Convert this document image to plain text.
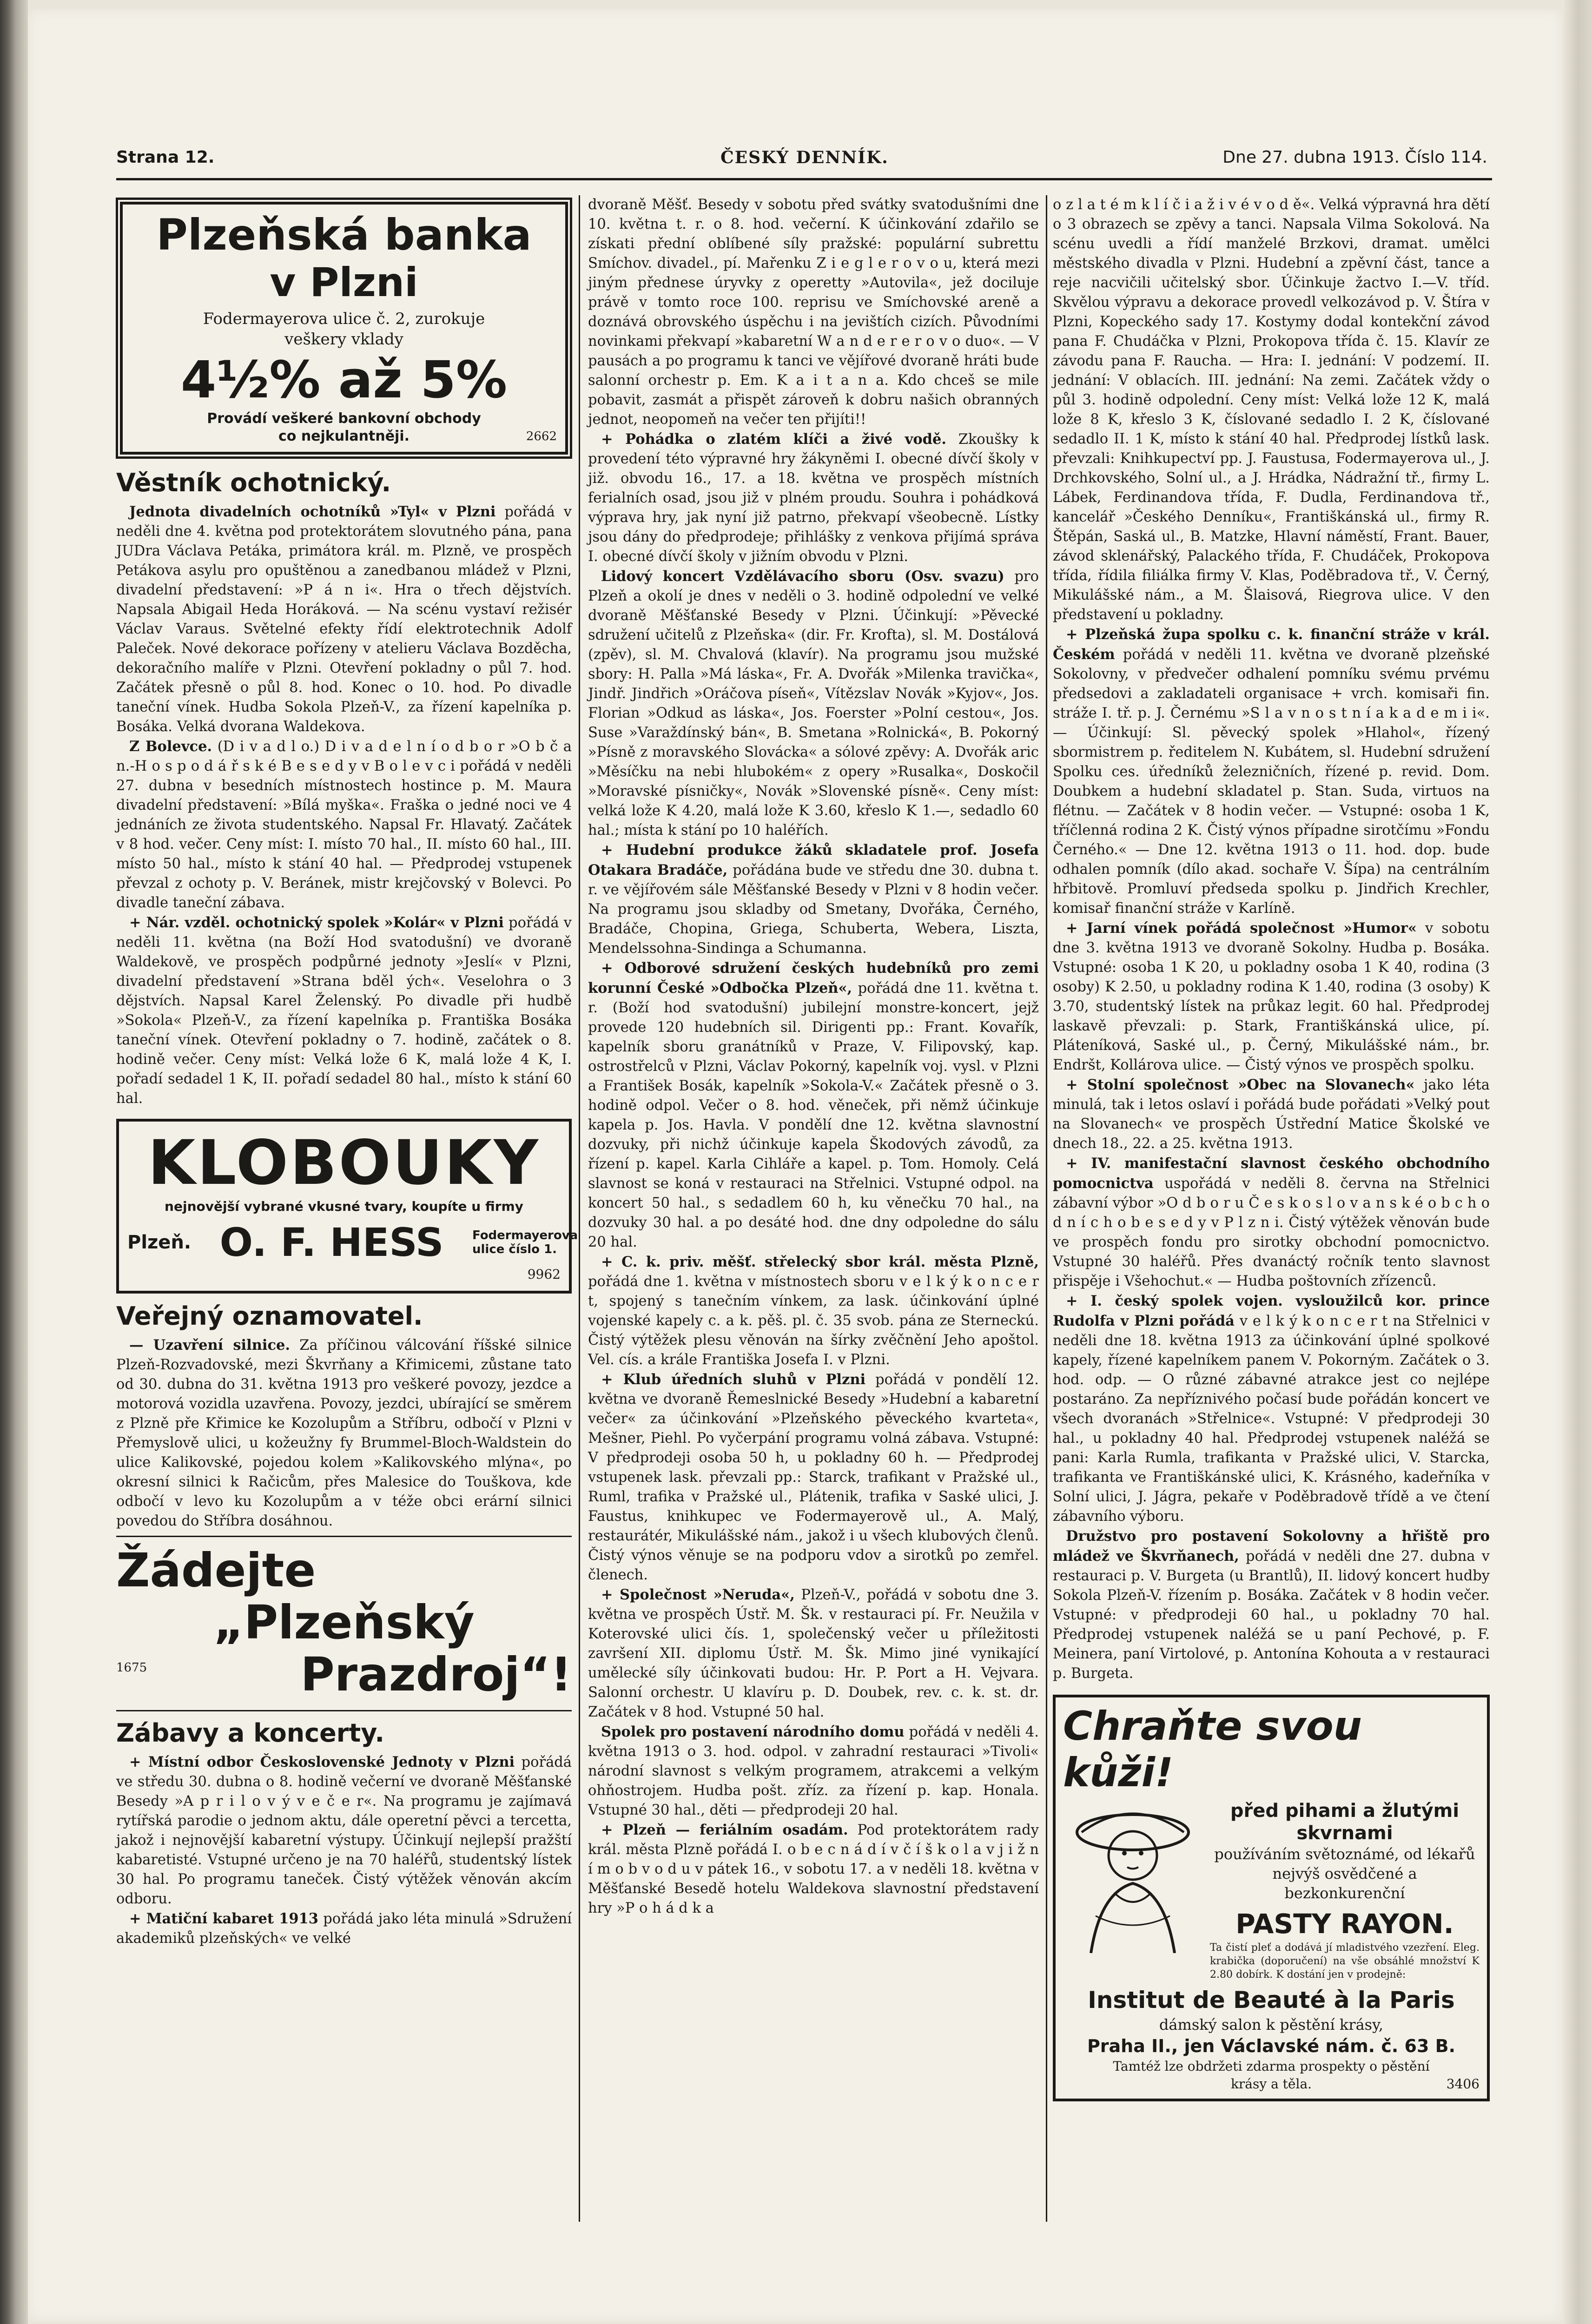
Strana 12.	ČESKÝ DENNÍK.	Dne 27. dubna 1913. Číslo 114.
Plzeňská banka
v Plzni
Fodermayerova ulice č. 2, zurokuje
veškery vklady
4½% až 5%
Provádí veškeré bankovní obchody
co nejkulantněji.	2662
Věstník ochotnický.

Jednota divadelních ochotníků »Tyl« v Plzni pořádá v neděli dne 4. května pod protektorátem slovutného pána, pana JUDra Václava Petáka, primátora král. m. Plzně, ve prospěch Petákova asylu pro opuštěnou a zanedbanou mládež v Plzni, divadelní představení: »P á n i«. Hra o třech dějstvích. Napsala Abigail Heda Horáková. — Na scénu vystaví režisér Václav Varaus. Světelné efekty řídí elektrotechnik Adolf Paleček. Nové dekorace pořízeny v atelieru Václava Bozděcha, dekoračního malíře v Plzni. Otevření pokladny o půl 7. hod. Začátek přesně o půl 8. hod. Konec o 10. hod. Po divadle taneční vínek. Hudba Sokola Plzeň-V., za řízení kapelníka p. Bosáka. Velká dvorana Waldekova.

Z Bolevce. (D i v a d l o.) D i v a d e l n í o d b o r »O b č a n.-H o s p o d á ř s k é B e s e d y v B o l e v c i pořádá v neděli 27. dubna v besedních místnostech hostince p. M. Maura divadelní představení: »Bílá myška«. Fraška o jedné noci ve 4 jednáních ze života studentského. Napsal Fr. Hlavatý. Začátek v 8 hod. večer. Ceny míst: I. místo 70 hal., II. místo 60 hal., III. místo 50 hal., místo k stání 40 hal. — Předprodej vstupenek převzal z ochoty p. V. Beránek, mistr krejčovský v Bolevci. Po divadle taneční zábava.

+ Nár. vzděl. ochotnický spolek »Kolár« v Plzni pořádá v neděli 11. května (na Boží Hod svatodušní) ve dvoraně Waldekově, ve prospěch podpůrné jednoty »Jeslí« v Plzni, divadelní představení »Strana bděl ých«. Veselohra o 3 dějstvích. Napsal Karel Želenský. Po divadle při hudbě »Sokola« Plzeň-V., za řízení kapelníka p. Františka Bosáka taneční vínek. Otevření pokladny o 7. hodině, začátek o 8. hodině večer. Ceny míst: Velká lože 6 K, malá lože 4 K, I. pořadí sedadel 1 K, II. pořadí sedadel 80 hal., místo k stání 60 hal.

KLOBOUKY
nejnovější vybrané vkusné tvary, koupíte u firmy
Plzeň. O. F. HESS Fodermayerova ulice číslo 1.
9962
Veřejný oznamovatel.

— Uzavření silnice. Za příčinou válcování říšské silnice Plzeň-Rozvadovské, mezi Škvrňany a Křimicemi, zůstane tato od 30. dubna do 31. května 1913 pro veškeré povozy, jezdce a motorová vozidla uzavřena. Povozy, jezdci, ubírající se směrem z Plzně pře Křimice ke Kozolupům a Stříbru, odbočí v Plzni v Přemyslově ulici, u kožeužny fy Brummel-Bloch-Waldstein do ulice Kalikovské, pojedou kolem »Kalikovského mlýna«, po okresní silnici k Račicům, přes Malesice do Touškova, kde odbočí v levo ku Kozolupům a v téže obci erární silnici povedou do Stříbra dosáhnou.

Žádejte
„Plzeňský
Prazdroj“!
1675
Zábavy a koncerty.

+ Místní odbor Československé Jednoty v Plzni pořádá ve středu 30. dubna o 8. hodině večerní ve dvoraně Měšťanské Besedy »A p r i l o v ý v e č e r«. Na programu je zajímavá rytířská parodie o jednom aktu, dále operetní pěvci a tercetta, jakož i nejnovější kabaretní výstupy. Účinkují nejlepší pražští kabaretisté. Vstupné určeno je na 70 haléřů, studentský lístek 30 hal. Po programu taneček. Čistý výtěžek věnován akcím odboru.

+ Matiční kabaret 1913 pořádá jako léta minulá »Sdružení akademiků plzeňských« ve velké

dvoraně Měšť. Besedy v sobotu před svátky svatodušními dne 10. května t. r. o 8. hod. večerní. K účinkování zdařilo se získati přední oblíbené síly pražské: populární subrettu Smíchov. divadel., pí. Mařenku Z i e g l e r o v o u, která mezi jiným přednese úryvky z operetty »Autovila«, jež dociluje právě v tomto roce 100. reprisu ve Smíchovské areně a doznává obrovského úspěchu i na jevištích cizích. Původními novinkami překvapí »kabaretní W a n d e r e r o v o duo«. — V pausách a po programu k tanci ve vějířové dvoraně hráti bude salonní orchestr p. Em. K a i t a n a. Kdo chceš se mile pobavit, zasmát a přispět zároveň k dobru našich obranných jednot, neopomeň na večer ten přijíti!!

+ Pohádka o zlatém klíči a živé vodě. Zkoušky k provedení této výpravné hry žákyněmi I. obecné dívčí školy v již. obvodu 16., 17. a 18. května ve prospěch místních ferialních osad, jsou již v plném proudu. Souhra i pohádková výprava hry, jak nyní již patrno, překvapí všeobecně. Lístky jsou dány do předprodeje; přihlášky z venkova přijímá správa I. obecné dívčí školy v jižním obvodu v Plzni.

Lidový koncert Vzdělávacího sboru (Osv. svazu) pro Plzeň a okolí je dnes v neděli o 3. hodině odpolední ve velké dvoraně Měšťanské Besedy v Plzni. Účinkují: »Pěvecké sdružení učitelů z Plzeňska« (dir. Fr. Krofta), sl. M. Dostálová (zpěv), sl. M. Chvalová (klavír). Na programu jsou mužské sbory: H. Palla »Má láska«, Fr. A. Dvořák »Milenka travička«, Jindř. Jindřich »Oráčova píseň«, Vítězslav Novák »Kyjov«, Jos. Florian »Odkud as láska«, Jos. Foerster »Polní cestou«, Jos. Suse »Varaždínský bán«, B. Smetana »Rolnická«, B. Pokorný »Písně z moravského Slovácka« a sólové zpěvy: A. Dvořák aric »Měsíčku na nebi hlubokém« z opery »Rusalka«, Doskočil »Moravské písničky«, Novák »Slovenské písně«. Ceny míst: velká lože K 4.20, malá lože K 3.60, křeslo K 1.—, sedadlo 60 hal.; místa k stání po 10 haléřích.

+ Hudební produkce žáků skladatele prof. Josefa Otakara Bradáče, pořádána bude ve středu dne 30. dubna t. r. ve vějířovém sále Měšťanské Besedy v Plzni v 8 hodin večer. Na programu jsou skladby od Smetany, Dvořáka, Černého, Bradáče, Chopina, Griega, Schuberta, Webera, Liszta, Mendelssohna-Sindinga a Schumanna.

+ Odborové sdružení českých hudebníků pro zemi korunní České »Odbočka Plzeň«, pořádá dne 11. května t. r. (Boží hod svatodušní) jubilejní monstre-koncert, jejž provede 120 hudebních sil. Dirigenti pp.: Frant. Kovařík, kapelník sboru granátníků v Praze, V. Filipovský, kap. ostrostřelců v Plzni, Václav Pokorný, kapelník voj. vysl. v Plzni a František Bosák, kapelník »Sokola-V.« Začátek přesně o 3. hodině odpol. Večer o 8. hod. věneček, při němž účinkuje kapela p. Jos. Havla. V pondělí dne 12. května slavnostní dozvuky, při nichž účinkuje kapela Škodových závodů, za řízení p. kapel. Karla Cihláře a kapel. p. Tom. Homoly. Celá slavnost se koná v restauraci na Střelnici. Vstupné odpol. na koncert 50 hal., s sedadlem 60 h, ku věnečku 70 hal., na dozvuky 30 hal. a po desáté hod. dne dny odpoledne do sálu 20 hal.

+ C. k. priv. měšť. střelecký sbor král. města Plzně, pořádá dne 1. května v místnostech sboru v e l k ý k o n c e r t, spojený s tanečním vínkem, za lask. účinkování úplné vojenské kapely c. a k. pěš. pl. č. 35 svob. pána ze Sterneckú. Čistý výtěžek plesu věnován na šírky zvěčnění Jeho apoštol. Vel. cís. a krále Františka Josefa I. v Plzni.

+ Klub úředních sluhů v Plzni pořádá v pondělí 12. května ve dvoraně Řemeslnické Besedy »Hudební a kabaretní večer« za účinkování »Plzeňského pěveckého kvarteta«, Mešner, Piehl. Po vyčerpání programu volná zábava. Vstupné: V předprodeji osoba 50 h, u pokladny 60 h. — Předprodej vstupenek lask. převzali pp.: Starck, trafikant v Pražské ul., Ruml, trafika v Pražské ul., Plátenik, trafika v Saské ulici, J. Faustus, knihkupec ve Fodermayerově ul., A. Malý, restaurátér, Mikulášské nám., jakož i u všech klubových členů. Čistý výnos věnuje se na podporu vdov a sirotků po zemřel. členech.

+ Společnost »Neruda«, Plzeň-V., pořádá v sobotu dne 3. května ve prospěch Ústř. M. Šk. v restauraci pí. Fr. Neužila v Koterovské ulici čís. 1, společenský večer u příležitosti završení XII. diplomu Ústř. M. Šk. Mimo jiné vynikající umělecké síly účinkovati budou: Hr. P. Port a H. Vejvara. Salonní orchestr. U klavíru p. D. Doubek, rev. c. k. st. dr. Začátek v 8 hod. Vstupné 50 hal.

Spolek pro postavení národního domu pořádá v neděli 4. května 1913 o 3. hod. odpol. v zahradní restauraci »Tivoli« národní slavnost s velkým programem, atrakcemi a velkým ohňostrojem. Hudba pošt. zříz. za řízení p. kap. Honala. Vstupné 30 hal., děti — předprodeji 20 hal.

+ Plzeň — feriálním osadám. Pod protektorátem rady král. města Plzně pořádá I. o b e c n á d í v č í š k o l a v j i ž n í m o b v o d u v pátek 16., v sobotu 17. a v neděli 18. května v Měšťanské Besedě hotelu Waldekova slavnostní představení hry »P o h á d k a

o z l a t é m k l í č i a ž i v é v o d ě«. Velká výpravná hra dětí o 3 obrazech se zpěvy a tanci. Napsala Vilma Sokolová. Na scénu uvedli a řídí manželé Brzkovi, dramat. umělci městského divadla v Plzni. Hudební a zpěvní část, tance a reje nacvičili učitelský sbor. Účinkuje žactvo I.—V. tříd. Skvělou výpravu a dekorace provedl velkozávod p. V. Štíra v Plzni, Kopeckého sady 17. Kostymy dodal kontekční závod pana F. Chudáčka v Plzni, Prokopova třída č. 15. Klavír ze závodu pana F. Raucha. — Hra: I. jednání: V podzemí. II. jednání: V oblacích. III. jednání: Na zemi. Začátek vždy o půl 3. hodině odpolední. Ceny míst: Velká lože 12 K, malá lože 8 K, křeslo 3 K, číslované sedadlo I. 2 K, číslované sedadlo II. 1 K, místo k stání 40 hal. Předprodej lístků lask. převzali: Knihkupectví pp. J. Faustusa, Fodermayerova ul., J. Drchkovského, Solní ul., a J. Hrádka, Nádražní tř., firmy L. Lábek, Ferdinandova třída, F. Dudla, Ferdinandova tř., kancelář »Českého Denníku«, Františkánská ul., firmy R. Štěpán, Saská ul., B. Matzke, Hlavní náměstí, Frant. Bauer, závod sklenářský, Palackého třída, F. Chudáček, Prokopova třída, řídila filiálka firmy V. Klas, Poděbradova tř., V. Černý, Mikulášské nám., a M. Šlaisová, Riegrova ulice. V den představení u pokladny.

+ Plzeňská župa spolku c. k. finanční stráže v král. Českém pořádá v neděli 11. května ve dvoraně plzeňské Sokolovny, v předvečer odhalení pomníku svému prvému předsedovi a zakladateli organisace + vrch. komisaři fin. stráže I. tř. p. J. Černému »S l a v n o s t n í a k a d e m i i«. — Účinkují: Sl. pěvecký spolek »Hlahol«, řízený sbormistrem p. ředitelem N. Kubátem, sl. Hudební sdružení Spolku ces. úředníků železničních, řízené p. revid. Dom. Doubkem a hudební skladatel p. Stan. Suda, virtuos na flétnu. — Začátek v 8 hodin večer. — Vstupné: osoba 1 K, tříčlenná rodina 2 K. Čistý výnos případne sirotčímu »Fondu Černého.« — Dne 12. května 1913 o 11. hod. dop. bude odhalen pomník (dílo akad. sochaře V. Šípa) na centrálním hřbitově. Promluví předseda spolku p. Jindřich Krechler, komisař finanční stráže v Karlíně.

+ Jarní vínek pořádá společnost »Humor« v sobotu dne 3. května 1913 ve dvoraně Sokolny. Hudba p. Bosáka. Vstupné: osoba 1 K 20, u pokladny osoba 1 K 40, rodina (3 osoby) K 2.50, u pokladny rodina K 1.40, rodina (3 osoby) K 3.70, studentský lístek na průkaz legit. 60 hal. Předprodej laskavě převzali: p. Stark, Františkánská ulice, pí. Pláteníková, Saské ul., p. Černý, Mikulášské nám., br. Endršt, Kollárova ulice. — Čistý výnos ve prospěch spolku.

+ Stolní společnost »Obec na Slovanech« jako léta minulá, tak i letos oslaví i pořádá bude pořádati »Velký pout na Slovanech« ve prospěch Ústřední Matice Školské ve dnech 18., 22. a 25. května 1913.

+ IV. manifestační slavnost českého obchodního pomocnictva uspořádá v neděli 8. června na Střelnici zábavní výbor »O d b o r u Č e s k o s l o v a n s k é o b c h o d n í c h o b e s e d y v P l z n i. Čistý výtěžek věnován bude ve prospěch fondu pro sirotky obchodní pomocnictvo. Vstupné 30 haléřů. Přes dvanáctý ročník tento slavnost přispěje i Všehochut.« — Hudba poštovních zřízenců.

+ I. český spolek vojen. vysloužilců kor. prince Rudolfa v Plzni pořádá v e l k ý k o n c e r t na Střelnici v neděli dne 18. května 1913 za účinkování úplné spolkové kapely, řízené kapelníkem panem V. Pokorným. Začátek o 3. hod. odp. — O různé zábavné atrakce jest co nejlépe postaráno. Za nepříznivého počasí bude pořádán koncert ve všech dvoranách »Střelnice«. Vstupné: V předprodeji 30 hal., u pokladny 40 hal. Předprodej vstupenek naléžá se pani: Karla Rumla, trafikanta v Pražské ulici, V. Starcka, trafikanta ve Františkánské ulici, K. Krásného, kadeřníka v Solní ulici, J. Jágra, pekaře v Poděbradově třídě a ve čtení zábavního výboru.

Družstvo pro postavení Sokolovny a hřiště pro mládež ve Škvrňanech, pořádá v neděli dne 27. dubna v restauraci p. V. Burgeta (u Brantlů), II. lidový koncert hudby Sokola Plzeň-V. řízením p. Bosáka. Začátek v 8 hodin večer. Vstupné: v předprodeji 60 hal., u pokladny 70 hal. Předprodej vstupenek naléžá se u paní Pechové, p. F. Meinera, paní Virtolové, p. Antonína Kohouta a v restauraci p. Burgeta.

Chraňte svou kůži!
před pihami a žlutými skvrnami
používáním světoznámé, od lékařů
nejvýš osvědčené a bezkonkurenční
PASTY RAYON.
Ta čistí pleť a dodává jí mladistvého vzezření. Eleg. krabička (doporučení) na vše obsáhlé množství K 2.80 dobírk. K dostání jen v prodejně:
Institut de Beauté à la Paris
dámský salon k pěstění krásy,
Praha II., jen Václavské nám. č. 63 B.
Tamtéž lze obdržeti zdarma prospekty o pěstění
krásy a těla.	3406
